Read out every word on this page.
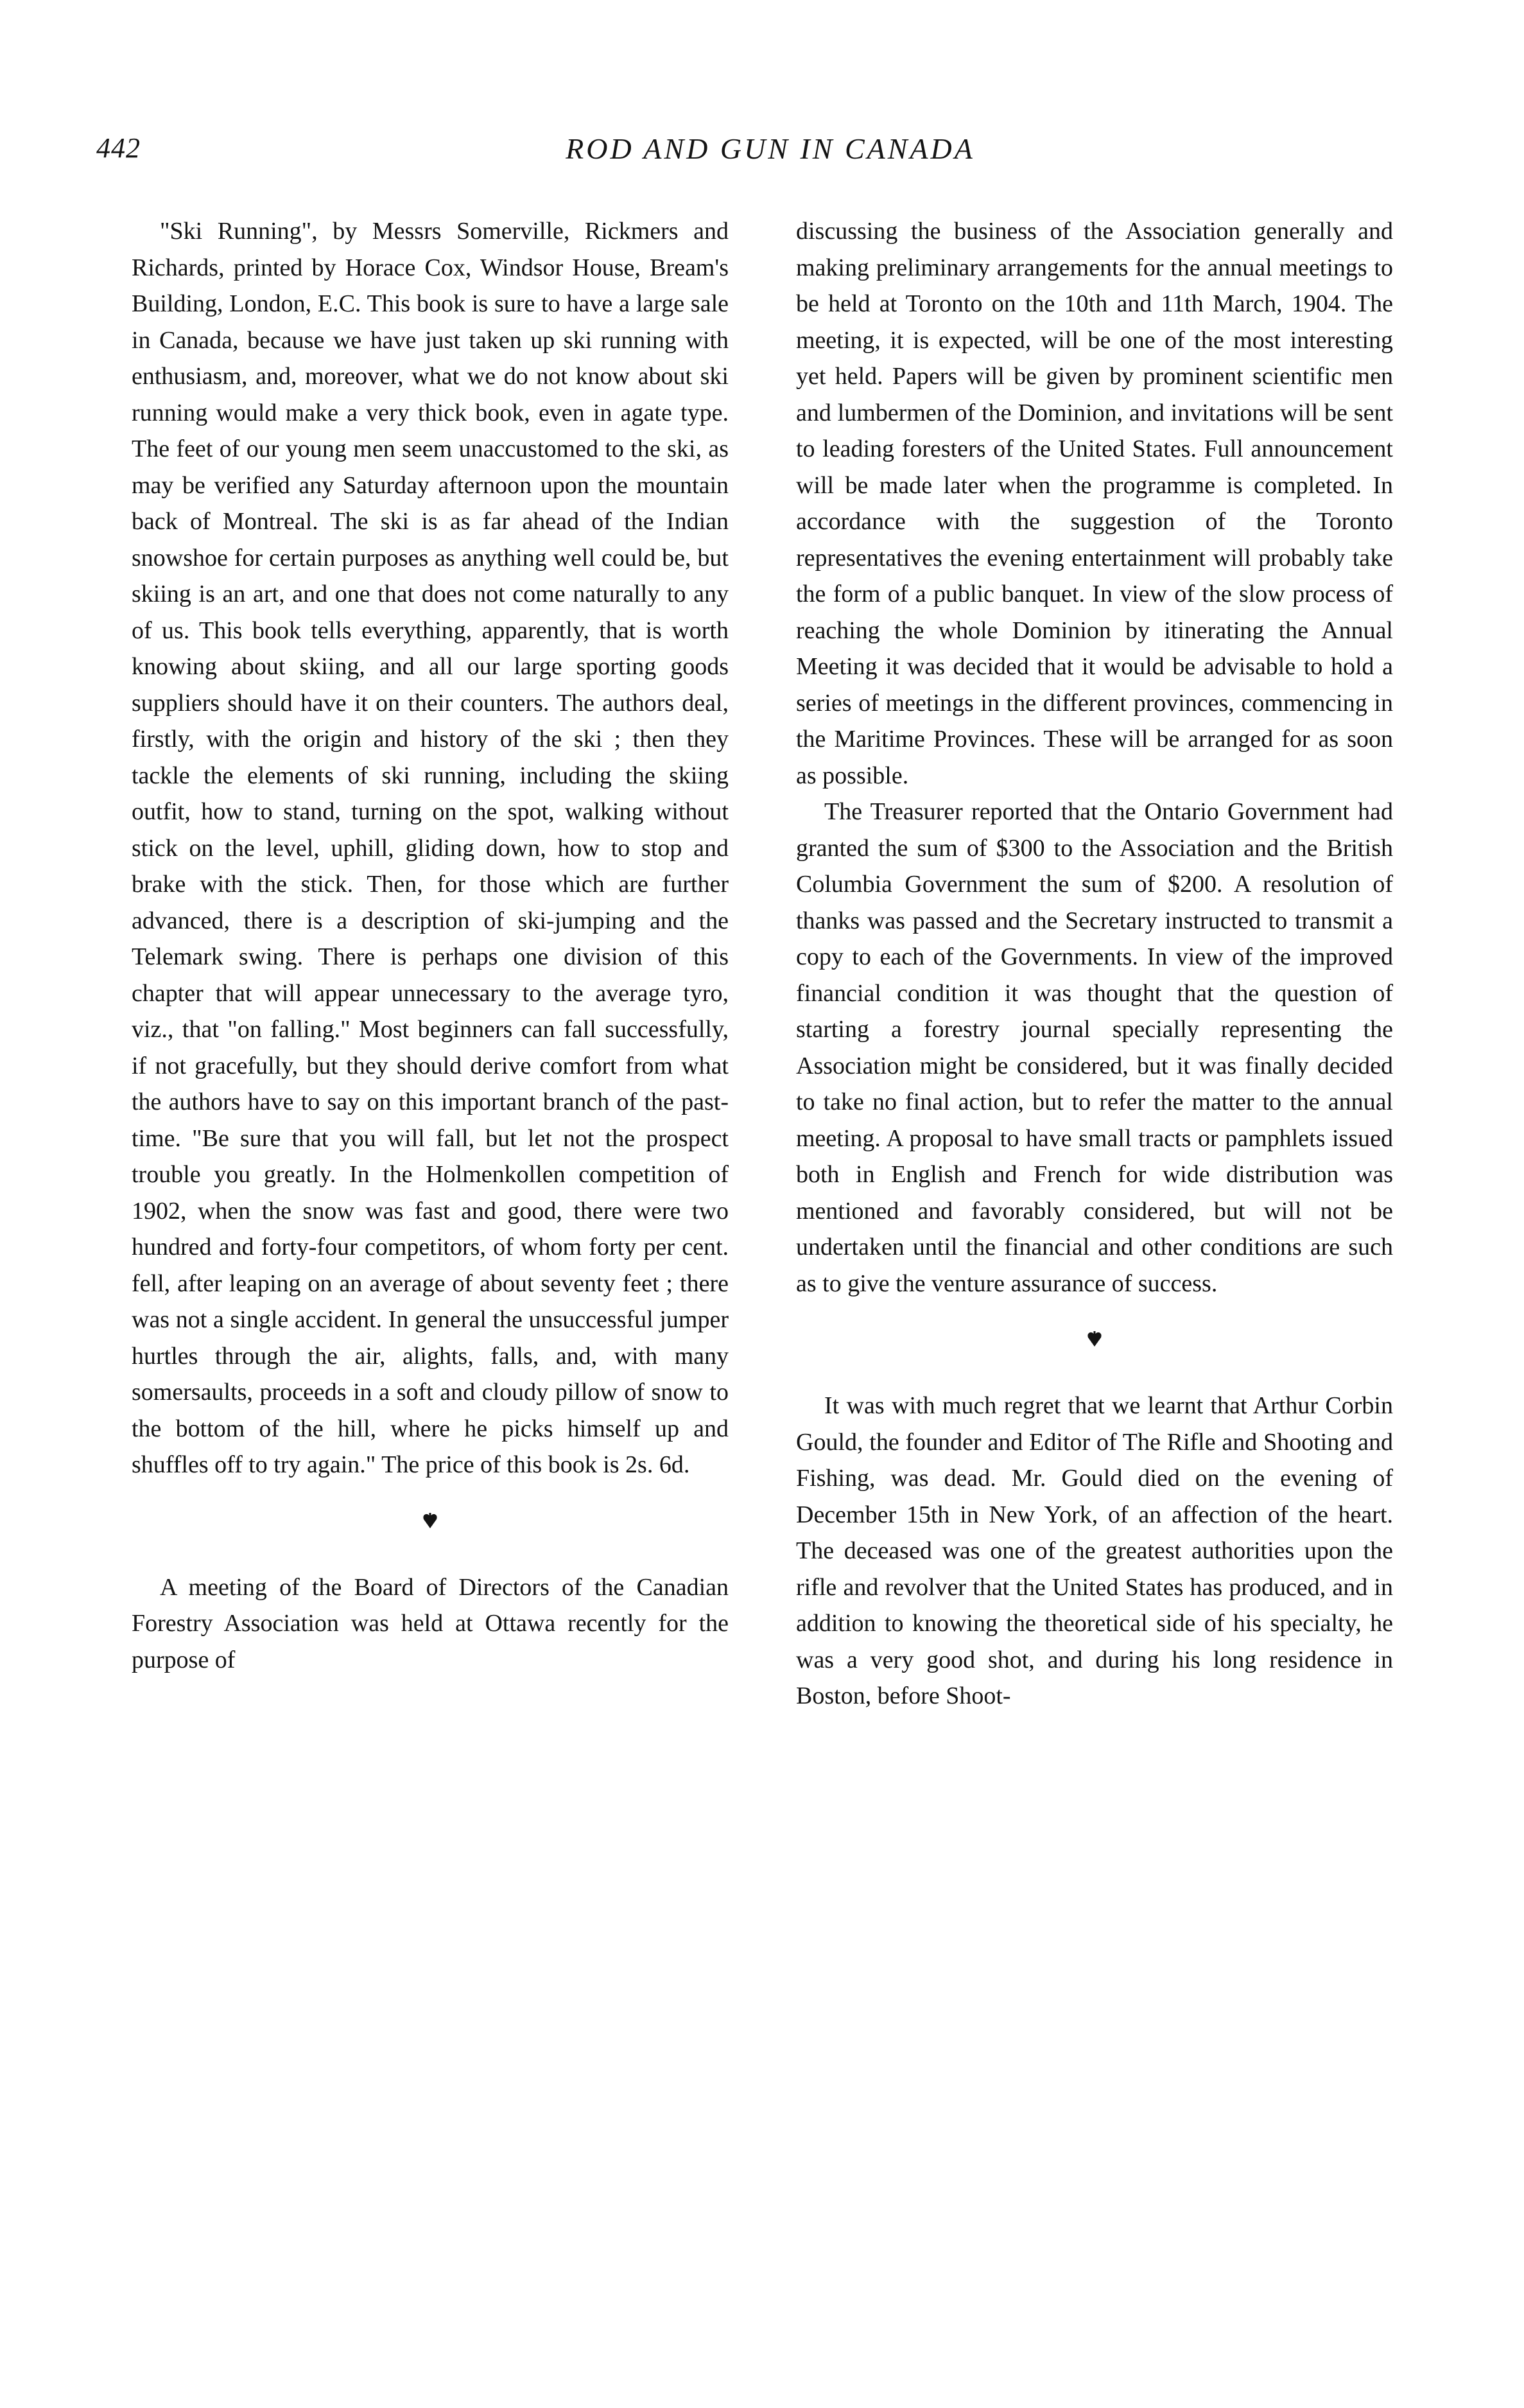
442	ROD AND GUN IN CANADA

"Ski Running", by Messrs Somerville, Rickmers and Richards, printed by Horace Cox, Windsor House, Bream's Building, London, E.C. This book is sure to have a large sale in Canada, because we have just taken up ski running with enthusiasm, and, moreover, what we do not know about ski running would make a very thick book, even in agate type. The feet of our young men seem unaccustomed to the ski, as may be verified any Saturday afternoon upon the mountain back of Montreal. The ski is as far ahead of the Indian snowshoe for certain purposes as anything well could be, but skiing is an art, and one that does not come naturally to any of us. This book tells everything, apparently, that is worth knowing about skiing, and all our large sporting goods suppliers should have it on their counters. The authors deal, firstly, with the origin and history of the ski ; then they tackle the elements of ski running, including the skiing outfit, how to stand, turning on the spot, walking without stick on the level, uphill, gliding down, how to stop and brake with the stick. Then, for those which are further advanced, there is a description of ski-jumping and the Telemark swing. There is perhaps one division of this chapter that will appear unnecessary to the average tyro, viz., that "on falling." Most beginners can fall successfully, if not gracefully, but they should derive comfort from what the authors have to say on this important branch of the past-time. "Be sure that you will fall, but let not the prospect trouble you greatly. In the Holmenkollen competition of 1902, when the snow was fast and good, there were two hundred and forty-four competitors, of whom forty per cent. fell, after leaping on an average of about seventy feet ; there was not a single accident. In general the unsuccessful jumper hurtles through the air, alights, falls, and, with many somersaults, proceeds in a soft and cloudy pillow of snow to the bottom of the hill, where he picks himself up and shuffles off to try again." The price of this book is 2s. 6d.

A meeting of the Board of Directors of the Canadian Forestry Association was held at Ottawa recently for the purpose of

discussing the business of the Association generally and making preliminary arrangements for the annual meetings to be held at Toronto on the 10th and 11th March, 1904. The meeting, it is expected, will be one of the most interesting yet held. Papers will be given by prominent scientific men and lumbermen of the Dominion, and invitations will be sent to leading foresters of the United States. Full announcement will be made later when the programme is completed. In accordance with the suggestion of the Toronto representatives the evening entertainment will probably take the form of a public banquet. In view of the slow process of reaching the whole Dominion by itinerating the Annual Meeting it was decided that it would be advisable to hold a series of meetings in the different provinces, commencing in the Maritime Provinces. These will be arranged for as soon as possible.

The Treasurer reported that the Ontario Government had granted the sum of $300 to the Association and the British Columbia Government the sum of $200. A resolution of thanks was passed and the Secretary instructed to transmit a copy to each of the Governments. In view of the improved financial condition it was thought that the question of starting a forestry journal specially representing the Association might be considered, but it was finally decided to take no final action, but to refer the matter to the annual meeting. A proposal to have small tracts or pamphlets issued both in English and French for wide distribution was mentioned and favorably considered, but will not be undertaken until the financial and other conditions are such as to give the venture assurance of success.

It was with much regret that we learnt that Arthur Corbin Gould, the founder and Editor of The Rifle and Shooting and Fishing, was dead. Mr. Gould died on the evening of December 15th in New York, of an affection of the heart. The deceased was one of the greatest authorities upon the rifle and revolver that the United States has produced, and in addition to knowing the theoretical side of his specialty, he was a very good shot, and during his long residence in Boston, before Shoot-
